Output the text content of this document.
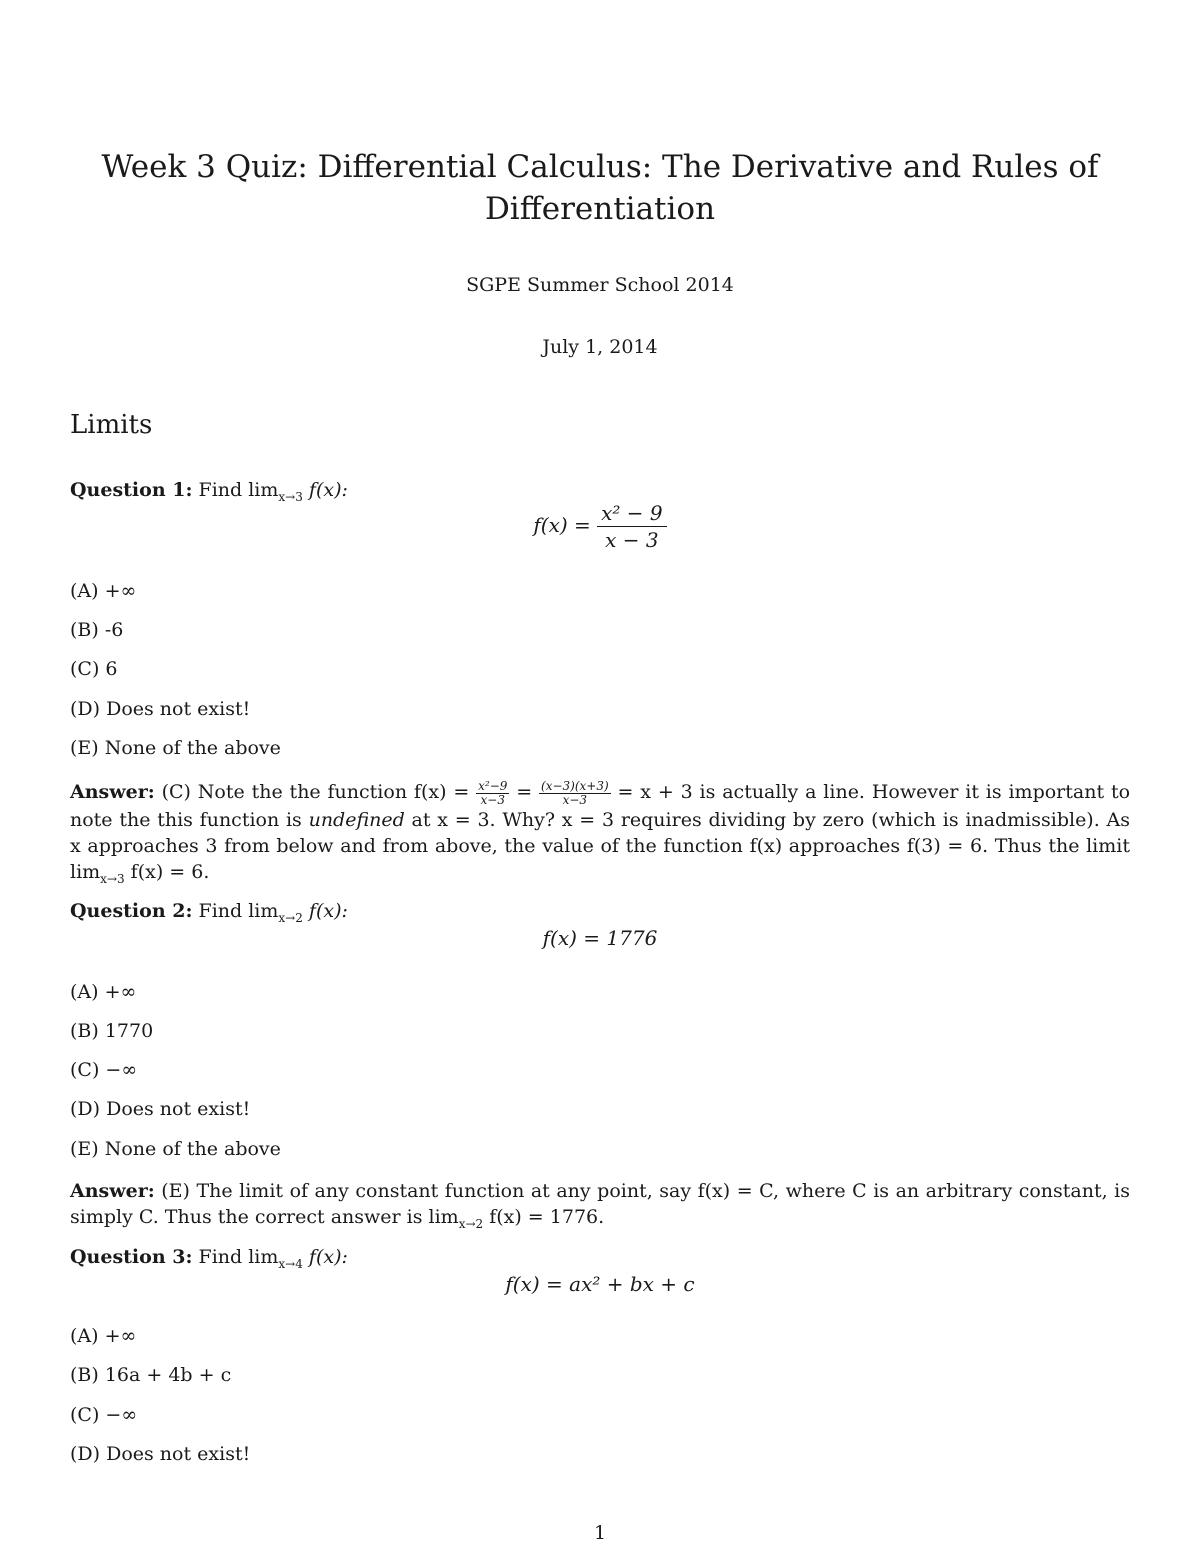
Week 3 Quiz: Differential Calculus: The Derivative and Rules of Differentiation
SGPE Summer School 2014
July 1, 2014
Limits
Question 1: Find $\lim_{x\to 3} f(x)$:
$f(x) = \frac{\text{x² − 9}}{x - 3}$
(A) +∞
(B) -6
(C) 6
(D) Does not exist!
(E) None of the above
Answer: (C) Note the the function $f(x) = \frac{\text{x²−9}}{x-3} = \frac{(x-3)(x+3)}{x-3} = x + 3$ is actually a line. However it is important to note the this function is undefined at x = 3. Why? x = 3 requires dividing by zero (which is inadmissible). As x approaches 3 from below and from above, the value of the function f(x) approaches f(3) = 6. Thus the limit $\lim_{x\to 3} f(x) = 6$.
Question 2: Find $\lim_{x\to 2} f(x)$:
f(x) = 1776
(A) +∞
(B) 1770
(C) −∞
(D) Does not exist!
(E) None of the above
Answer: (E) The limit of any constant function at any point, say f(x) = C, where C is an arbitrary constant, is simply C. Thus the correct answer is $\lim_{x\to 2} f(x) = 1776$.
Question 3: Find $\lim_{x\to 4} f(x)$:
f(x) = ax² + bx + c
(A) +∞
(B) 16a + 4b + c
(C) −∞
(D) Does not exist!
1
